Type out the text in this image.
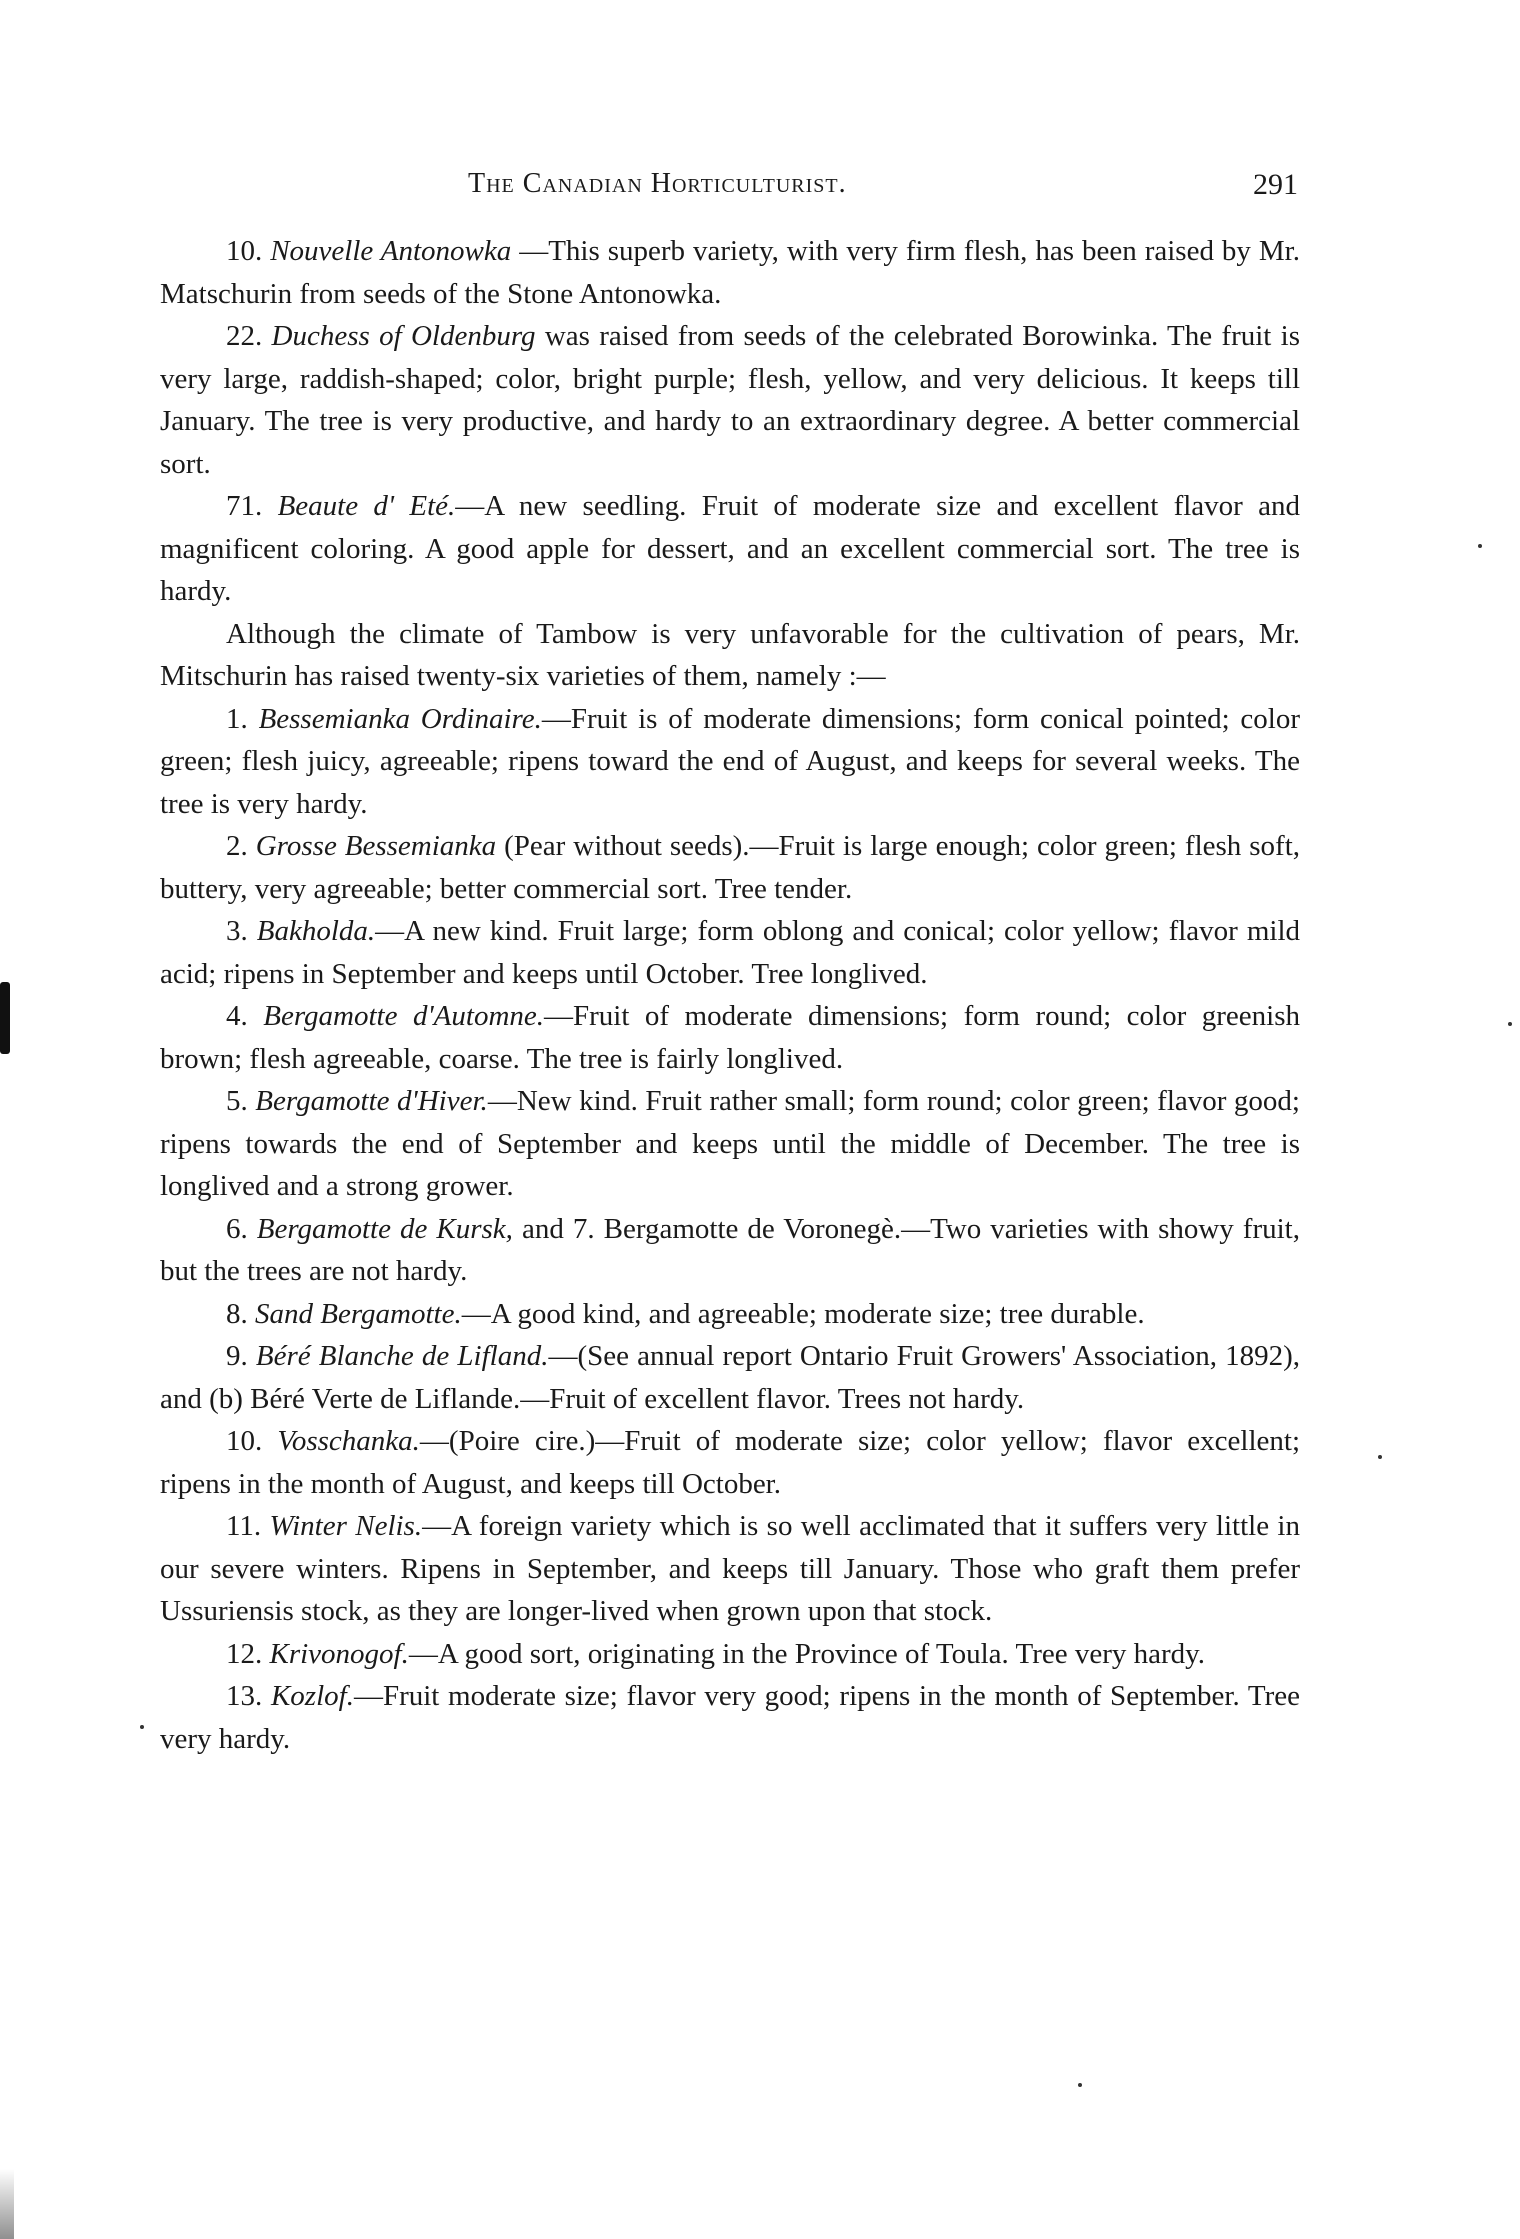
The Canadian Horticulturist.	291

10. Nouvelle Antonowka —This superb variety, with very firm flesh, has been raised by Mr. Matschurin from seeds of the Stone Antonowka.

22. Duchess of Oldenburg was raised from seeds of the celebrated Borowinka. The fruit is very large, raddish-shaped; color, bright purple; flesh, yellow, and very delicious. It keeps till January. The tree is very productive, and hardy to an extraordinary degree. A better commercial sort.

71. Beaute d' Eté.—A new seedling. Fruit of moderate size and excellent flavor and magnificent coloring. A good apple for dessert, and an excellent commercial sort. The tree is hardy.

Although the climate of Tambow is very unfavorable for the cultivation of pears, Mr. Mitschurin has raised twenty-six varieties of them, namely :—

1. Bessemianka Ordinaire.—Fruit is of moderate dimensions; form conical pointed; color green; flesh juicy, agreeable; ripens toward the end of August, and keeps for several weeks. The tree is very hardy.

2. Grosse Bessemianka (Pear without seeds).—Fruit is large enough; color green; flesh soft, buttery, very agreeable; better commercial sort. Tree tender.

3. Bakholda.—A new kind. Fruit large; form oblong and conical; color yellow; flavor mild acid; ripens in September and keeps until October. Tree longlived.

4. Bergamotte d'Automne.—Fruit of moderate dimensions; form round; color greenish brown; flesh agreeable, coarse. The tree is fairly longlived.

5. Bergamotte d'Hiver.—New kind. Fruit rather small; form round; color green; flavor good; ripens towards the end of September and keeps until the middle of December. The tree is longlived and a strong grower.

6. Bergamotte de Kursk, and 7. Bergamotte de Voronegè.—Two varieties with showy fruit, but the trees are not hardy.

8. Sand Bergamotte.—A good kind, and agreeable; moderate size; tree durable.

9. Béré Blanche de Lifland.—(See annual report Ontario Fruit Growers' Association, 1892), and (b) Béré Verte de Liflande.—Fruit of excellent flavor. Trees not hardy.

10. Vosschanka.—(Poire cire.)—Fruit of moderate size; color yellow; flavor excellent; ripens in the month of August, and keeps till October.

11. Winter Nelis.—A foreign variety which is so well acclimated that it suffers very little in our severe winters. Ripens in September, and keeps till January. Those who graft them prefer Ussuriensis stock, as they are longer-lived when grown upon that stock.

12. Krivonogof.—A good sort, originating in the Province of Toula. Tree very hardy.

13. Kozlof.—Fruit moderate size; flavor very good; ripens in the month of September. Tree very hardy.
